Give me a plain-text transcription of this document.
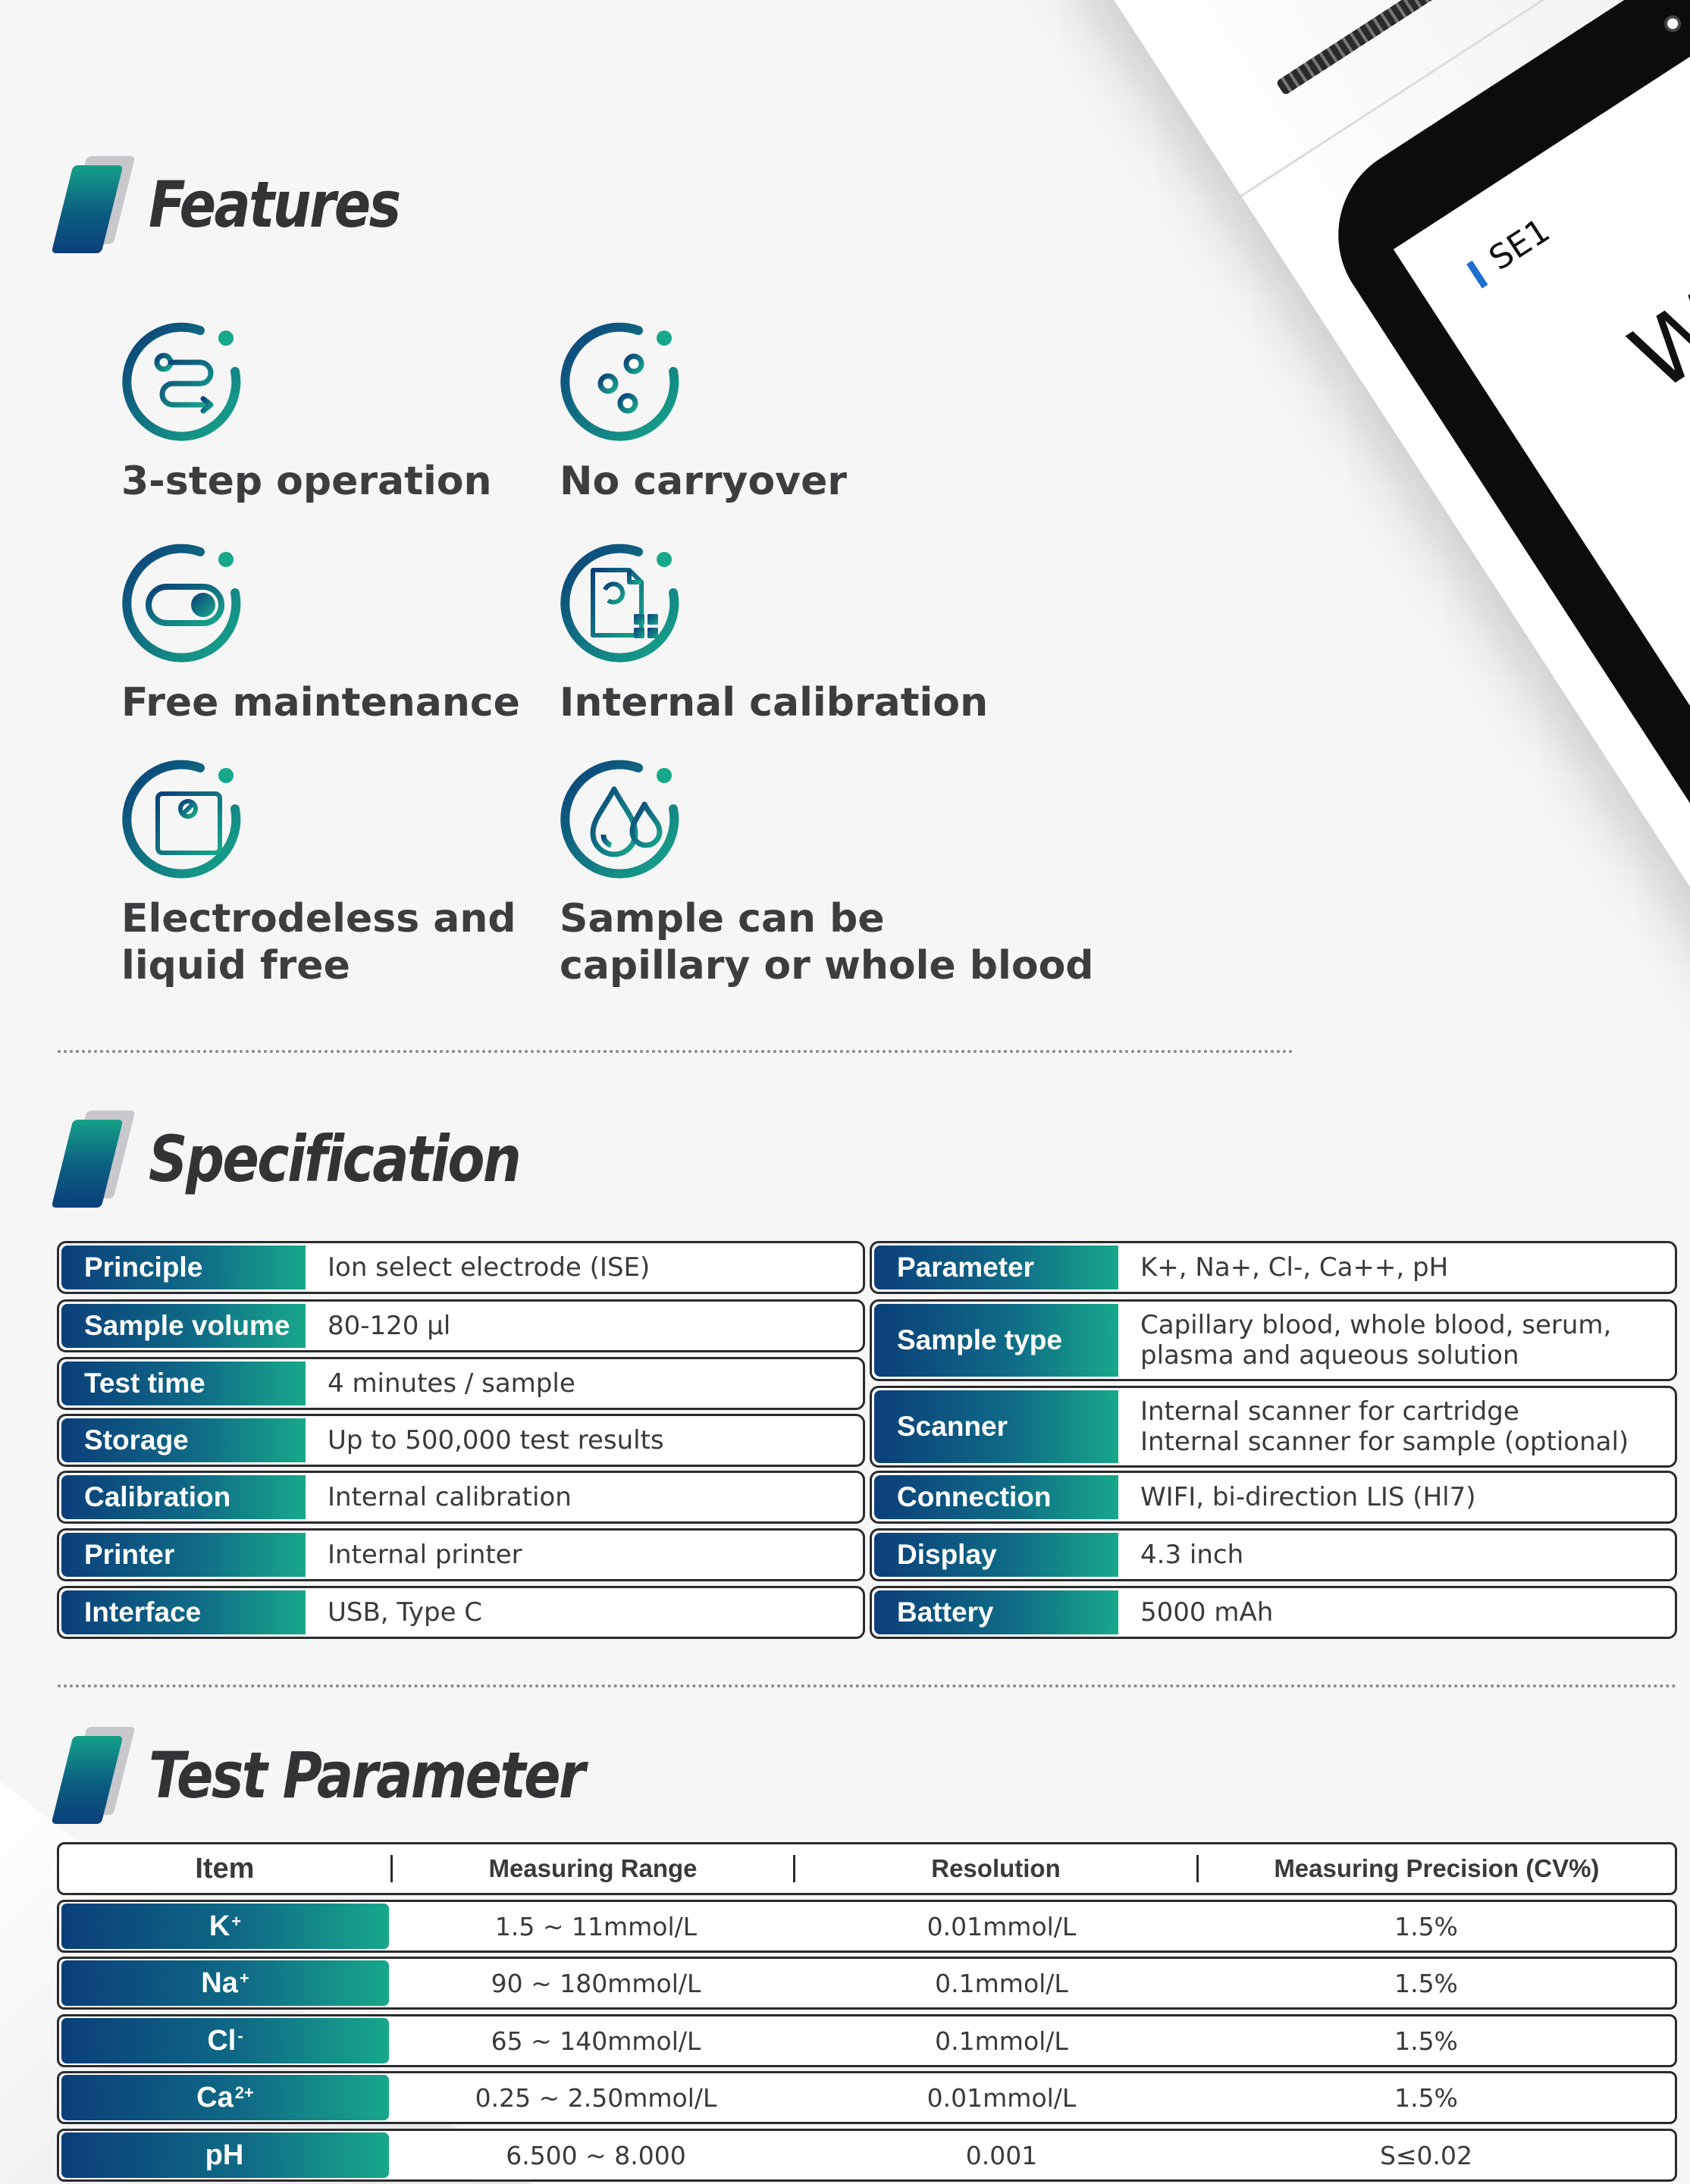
SE1
Features
3-step operation	No carryover
Free maintenance	Internal calibration
Electrodeless and
liquid free
Sample can be
capillary or whole blood
Specification
Principle	Ion select electrode (ISE)
Sample volume	80-120 µl
Test time	4 minutes / sample
Storage	Up to 500,000 test results
Calibration	Internal calibration
Printer	Internal printer
Interface	USB, Type C
Parameter	K+, Na+, Cl-, Ca++, pH
Sample type	Capillary blood, whole blood, serum,
plasma and aqueous solution
Scanner	Internal scanner for cartridge
Internal scanner for sample (optional)
Connection	WIFI, bi-direction LIS (Hl7)
Display	4.3 inch
Battery	5000 mAh
Test Parameter
Item	Measuring Range	Resolution	Measuring Precision (CV%)
K+	1.5 ~ 11mmol/L	0.01mmol/L	1.5%
Na+	90 ~ 180mmol/L	0.1mmol/L	1.5%
Cl-	65 ~ 140mmol/L	0.1mmol/L	1.5%
$Ca^{2+}$	0.25 ~ 2.50mmol/L	0.01mmol/L	1.5%
pH	6.500 ~ 8.000	0.001	S≤0.02
